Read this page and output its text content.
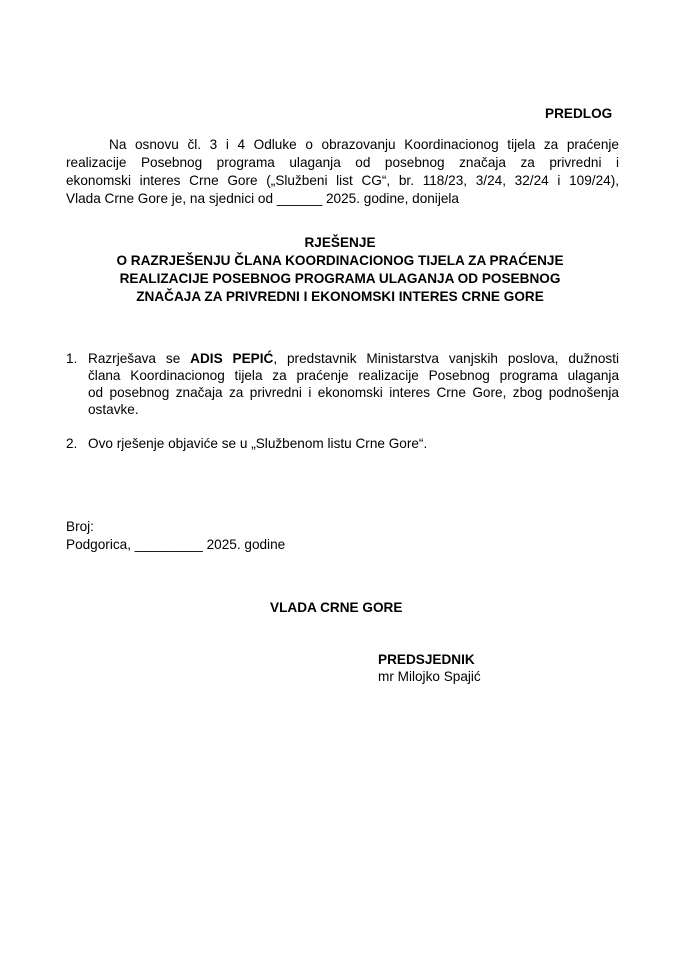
PREDLOG
Na osnovu čl. 3 i 4 Odluke o obrazovanju Koordinacionog tijela za praćenje
realizacije Posebnog programa ulaganja od posebnog značaja za privredni i
ekonomski interes Crne Gore („Službeni list CG“, br. 118/23, 3/24, 32/24 i 109/24),
Vlada Crne Gore je, na sjednici od ______ 2025. godine, donijela
RJEŠENJE
O RAZRJEŠENJU ČLANA KOORDINACIONOG TIJELA ZA PRAĆENJE
REALIZACIJE POSEBNOG PROGRAMA ULAGANJA OD POSEBNOG
ZNAČAJA ZA PRIVREDNI I EKONOMSKI INTERES CRNE GORE
1. Razrješava se ADIS PEPIĆ, predstavnik Ministarstva vanjskih poslova, dužnosti
člana Koordinacionog tijela za praćenje realizacije Posebnog programa ulaganja
od posebnog značaja za privredni i ekonomski interes Crne Gore, zbog podnošenja
ostavke.
2. Ovo rješenje objaviće se u „Službenom listu Crne Gore“.
Broj:
Podgorica, _________ 2025. godine
VLADA CRNE GORE
PREDSJEDNIK
mr Milojko Spajić
